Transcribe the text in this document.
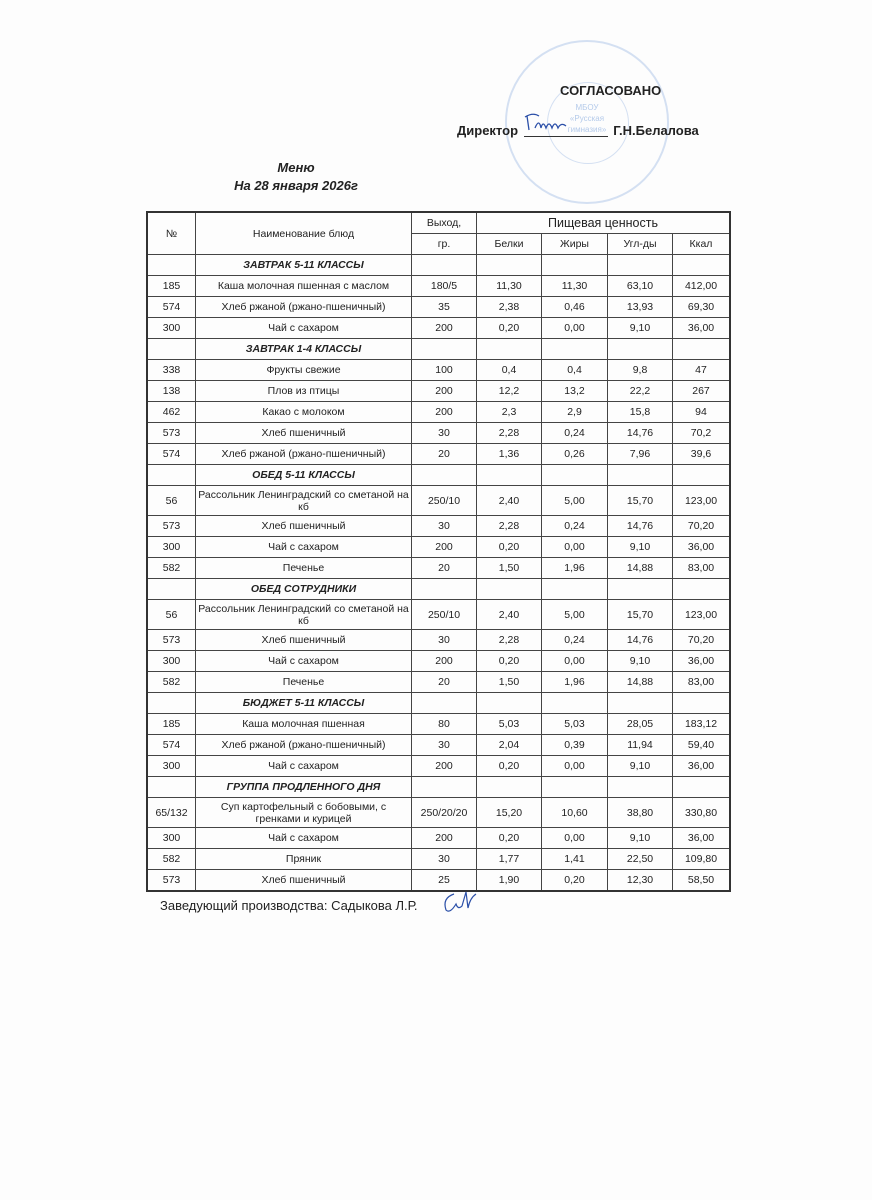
МБОУ
«Русская
гимназия»
СОГЛАСОВАНО
Директор	Г.Н.Белалова
Меню
На 28 января 2026г
№	Наименование блюд	Выход,	Пищевая ценность			
		гр.	Белки	Жиры	Угл-ды	Ккал
	ЗАВТРАК 5-11 КЛАССЫ					
185	Каша молочная пшенная с маслом	180/5	11,30	11,30	63,10	412,00
574	Хлеб ржаной (ржано-пшеничный)	35	2,38	0,46	13,93	69,30
300	Чай с сахаром	200	0,20	0,00	9,10	36,00
	ЗАВТРАК 1-4 КЛАССЫ					
338	Фрукты свежие	100	0,4	0,4	9,8	47
138	Плов из птицы	200	12,2	13,2	22,2	267
462	Какао с молоком	200	2,3	2,9	15,8	94
573	Хлеб пшеничный	30	2,28	0,24	14,76	70,2
574	Хлеб ржаной (ржано-пшеничный)	20	1,36	0,26	7,96	39,6
	ОБЕД 5-11 КЛАССЫ					
56	Рассольник Ленинградский со сметаной на кб	250/10	2,40	5,00	15,70	123,00
573	Хлеб пшеничный	30	2,28	0,24	14,76	70,20
300	Чай с сахаром	200	0,20	0,00	9,10	36,00
582	Печенье	20	1,50	1,96	14,88	83,00
	ОБЕД СОТРУДНИКИ					
56	Рассольник Ленинградский со сметаной на кб	250/10	2,40	5,00	15,70	123,00
573	Хлеб пшеничный	30	2,28	0,24	14,76	70,20
300	Чай с сахаром	200	0,20	0,00	9,10	36,00
582	Печенье	20	1,50	1,96	14,88	83,00
	БЮДЖЕТ 5-11 КЛАССЫ					
185	Каша молочная пшенная	80	5,03	5,03	28,05	183,12
574	Хлеб ржаной (ржано-пшеничный)	30	2,04	0,39	11,94	59,40
300	Чай с сахаром	200	0,20	0,00	9,10	36,00
	ГРУППА ПРОДЛЕННОГО ДНЯ					
65/132	Суп картофельный с бобовыми, с гренками и курицей	250/20/20	15,20	10,60	38,80	330,80
300	Чай с сахаром	200	0,20	0,00	9,10	36,00
582	Пряник	30	1,77	1,41	22,50	109,80
573	Хлеб пшеничный	25	1,90	0,20	12,30	58,50
Заведующий производства: Садыкова Л.Р.
